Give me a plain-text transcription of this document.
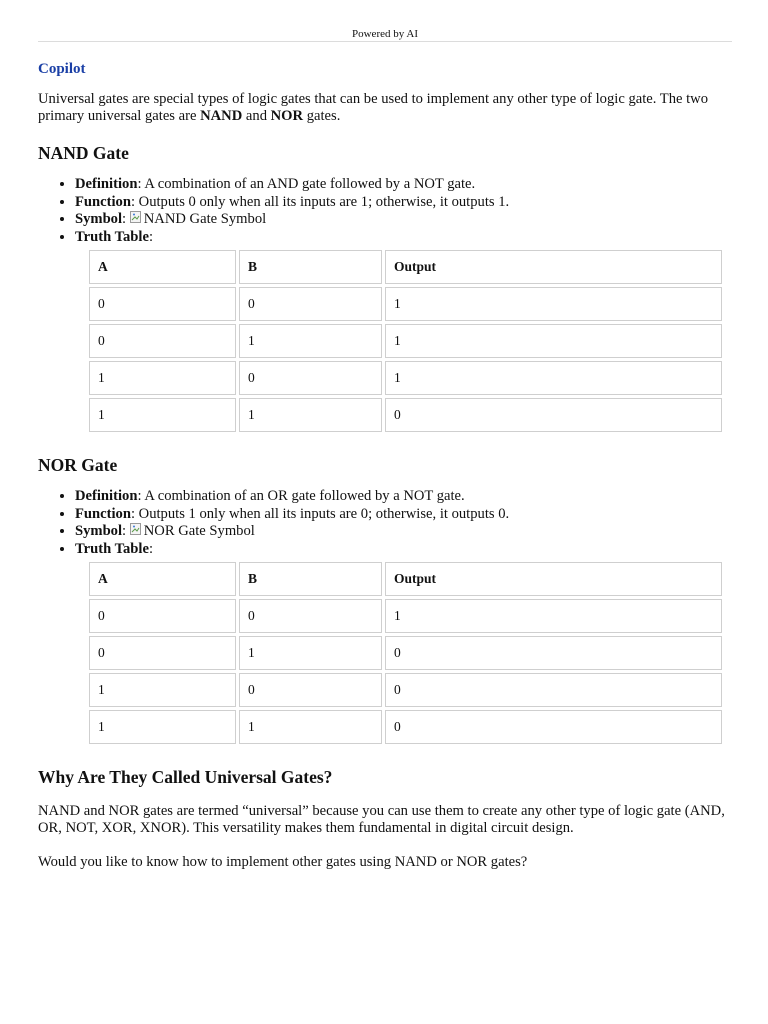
Powered by AI
Copilot

Universal gates are special types of logic gates that can be used to implement any other type of logic gate. The two primary universal gates are NAND and NOR gates.

NAND Gate
• Definition: A combination of an AND gate followed by a NOT gate.
• Function: Outputs 0 only when all its inputs are 1; otherwise, it outputs 1.
• Symbol:
NAND Gate Symbol
• Truth Table:
A	B	Output
0	0	1
0	1	1
1	0	1
1	1	0
NOR Gate
• Definition: A combination of an OR gate followed by a NOT gate.
• Function: Outputs 1 only when all its inputs are 0; otherwise, it outputs 0.
• Symbol:
NOR Gate Symbol
• Truth Table:
A	B	Output
0	0	1
0	1	0
1	0	0
1	1	0
Why Are They Called Universal Gates?

NAND and NOR gates are termed “universal” because you can use them to create any other type of logic gate (AND, OR, NOT, XOR, XNOR). This versatility makes them fundamental in digital circuit design.

Would you like to know how to implement other gates using NAND or NOR gates?
